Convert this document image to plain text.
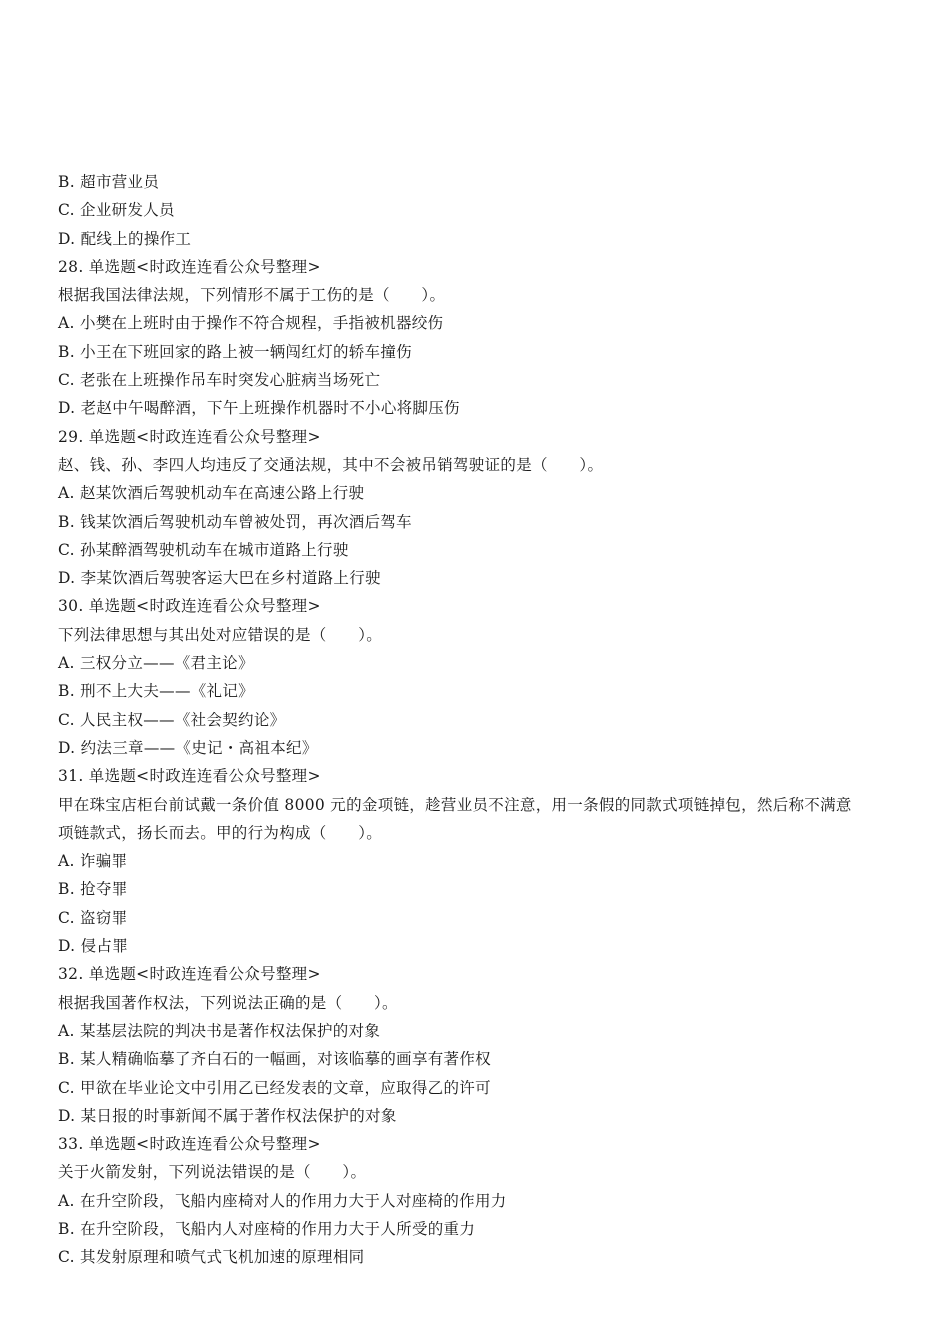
B. 超市营业员
C. 企业研发人员
D. 配线上的操作工
28. 单选题<时政连连看公众号整理>
根据我国法律法规，下列情形不属于工伤的是（　　）。
A. 小樊在上班时由于操作不符合规程，手指被机器绞伤
B. 小王在下班回家的路上被一辆闯红灯的轿车撞伤
C. 老张在上班操作吊车时突发心脏病当场死亡
D. 老赵中午喝醉酒，下午上班操作机器时不小心将脚压伤
29. 单选题<时政连连看公众号整理>
赵、钱、孙、李四人均违反了交通法规，其中不会被吊销驾驶证的是（　　）。
A. 赵某饮酒后驾驶机动车在高速公路上行驶
B. 钱某饮酒后驾驶机动车曾被处罚，再次酒后驾车
C. 孙某醉酒驾驶机动车在城市道路上行驶
D. 李某饮酒后驾驶客运大巴在乡村道路上行驶
30. 单选题<时政连连看公众号整理>
下列法律思想与其出处对应错误的是（　　）。
A. 三权分立——《君主论》
B. 刑不上大夫——《礼记》
C. 人民主权——《社会契约论》
D. 约法三章——《史记・高祖本纪》
31. 单选题<时政连连看公众号整理>
甲在珠宝店柜台前试戴一条价值 8000 元的金项链，趁营业员不注意，用一条假的同款式项链掉包，然后称不满意
项链款式，扬长而去。甲的行为构成（　　）。
A. 诈骗罪
B. 抢夺罪
C. 盗窃罪
D. 侵占罪
32. 单选题<时政连连看公众号整理>
根据我国著作权法，下列说法正确的是（　　）。
A. 某基层法院的判决书是著作权法保护的对象
B. 某人精确临摹了齐白石的一幅画，对该临摹的画享有著作权
C. 甲欲在毕业论文中引用乙已经发表的文章，应取得乙的许可
D. 某日报的时事新闻不属于著作权法保护的对象
33. 单选题<时政连连看公众号整理>
关于火箭发射，下列说法错误的是（　　）。
A. 在升空阶段，飞船内座椅对人的作用力大于人对座椅的作用力
B. 在升空阶段，飞船内人对座椅的作用力大于人所受的重力
C. 其发射原理和喷气式飞机加速的原理相同
